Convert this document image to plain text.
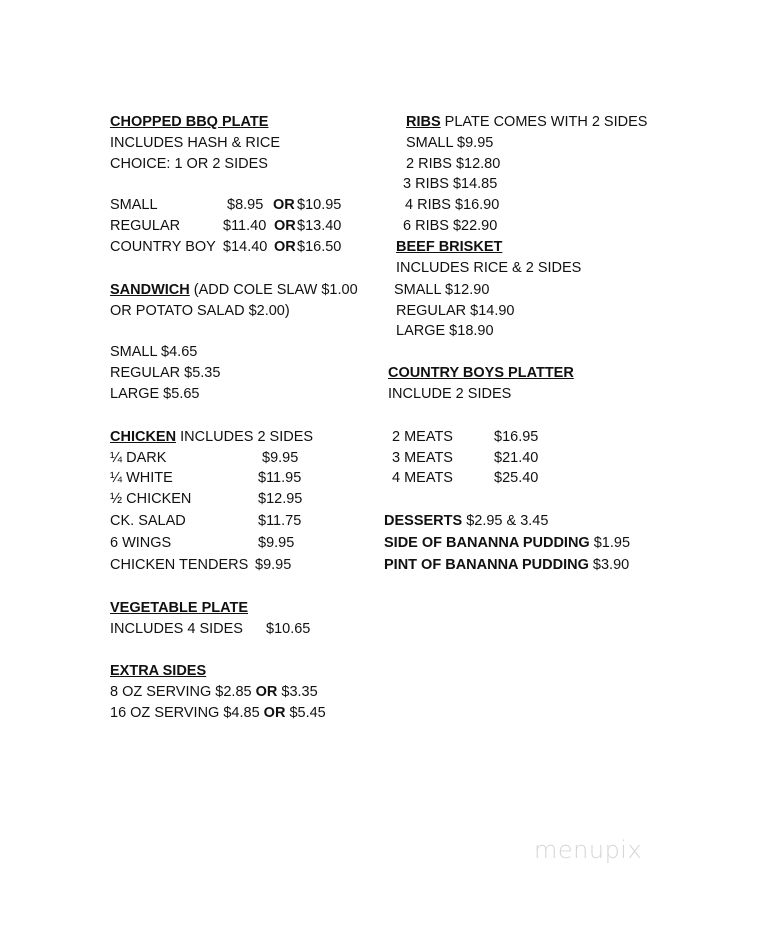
CHOPPED BBQ PLATE
INCLUDES HASH & RICE
CHOICE: 1 OR 2 SIDES
SMALL	$8.95 OR $10.95
REGULAR	$11.40 OR $13.40
COUNTRY BOY $14.40 OR $16.50
SANDWICH (ADD COLE SLAW $1.00
OR POTATO SALAD $2.00)
SMALL $4.65
REGULAR $5.35
LARGE $5.65
CHICKEN INCLUDES 2 SIDES
¼ DARK	$9.95
¼ WHITE	$11.95
½ CHICKEN	$12.95
CK. SALAD	$11.75
6 WINGS	$9.95
CHICKEN TENDERS $9.95
VEGETABLE PLATE
INCLUDES 4 SIDES $10.65
EXTRA SIDES
8 OZ SERVING $2.85 OR $3.35
16 OZ SERVING $4.85 OR $5.45
RIBS PLATE COMES WITH 2 SIDES
SMALL $9.95
2 RIBS $12.80
3 RIBS $14.85
4 RIBS $16.90
6 RIBS $22.90
BEEF BRISKET
INCLUDES RICE & 2 SIDES
SMALL $12.90
REGULAR $14.90
LARGE $18.90
COUNTRY BOYS PLATTER
INCLUDE 2 SIDES
2 MEATS	$16.95
3 MEATS	$21.40
4 MEATS	$25.40
DESSERTS $2.95 & 3.45
SIDE OF BANANNA PUDDING $1.95
PINT OF BANANNA PUDDING $3.90
menupix
